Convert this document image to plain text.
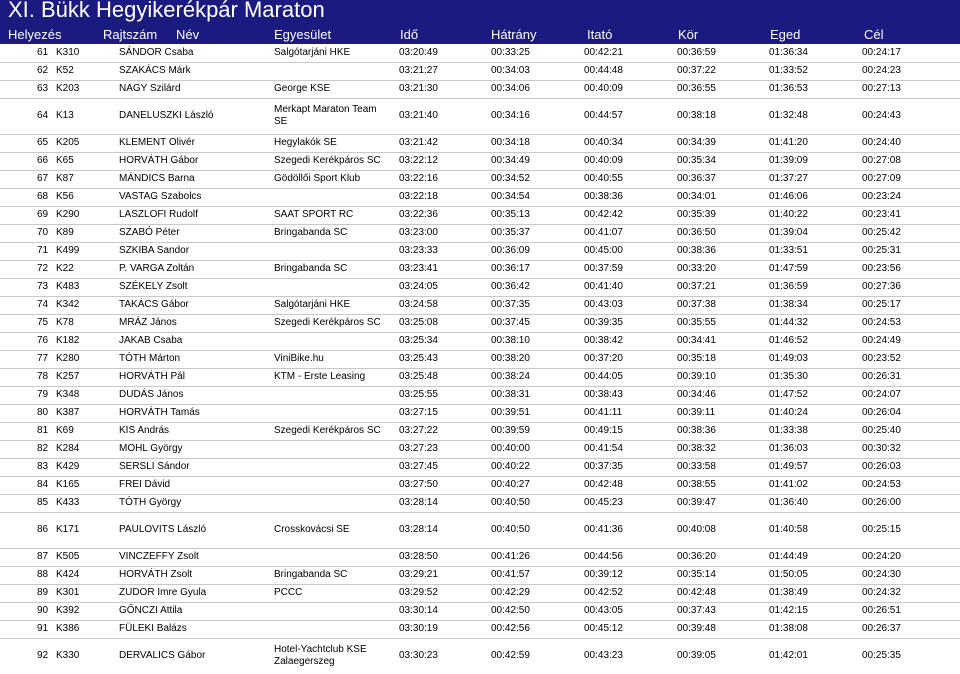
XI. Bükk Hegyikerékpár Maraton
Helyezés	Rajtszám Név	Egyesület	Idő	Hátrány	Itató	Kör	Eged	Cél
61	K310	SÁNDOR Csaba	Salgótarjáni HKE	03:20:49	00:33:25	00:42:21	00:36:59	01:36:34	00:24:17
62	K52	SZAKÁCS Márk		03:21:27	00:34:03	00:44:48	00:37:22	01:33:52	00:24:23
63	K203	NAGY Szilárd	George KSE	03:21:30	00:34:06	00:40:09	00:36:55	01:36:53	00:27:13
64	K13	DANELUSZKI László	Merkapt Maraton Team SE	03:21:40	00:34:16	00:44:57	00:38:18	01:32:48	00:24:43
65	K205	KLEMENT Olivér	Hegylakók SE	03:21:42	00:34:18	00:40:34	00:34:39	01:41:20	00:24:40
66	K65	HORVÁTH Gábor	Szegedi Kerékpáros SC	03:22:12	00:34:49	00:40:09	00:35:34	01:39:09	00:27:08
67	K87	MÁNDICS Barna	Gödöllői Sport Klub	03:22:16	00:34:52	00:40:55	00:36:37	01:37:27	00:27:09
68	K56	VASTAG Szabolcs		03:22:18	00:34:54	00:38:36	00:34:01	01:46:06	00:23:24
69	K290	LASZLOFI Rudolf	SAAT SPORT RC	03:22:36	00:35:13	00:42:42	00:35:39	01:40:22	00:23:41
70	K89	SZABÓ Péter	Bringabanda SC	03:23:00	00:35:37	00:41:07	00:36:50	01:39:04	00:25:42
71	K499	SZKIBA Sandor		03:23:33	00:36:09	00:45:00	00:38:36	01:33:51	00:25:31
72	K22	P. VARGA Zoltán	Bringabanda SC	03:23:41	00:36:17	00:37:59	00:33:20	01:47:59	00:23:56
73	K483	SZÉKELY Zsolt		03:24:05	00:36:42	00:41:40	00:37:21	01:36:59	00:27:36
74	K342	TAKÁCS Gábor	Salgótarjáni HKE	03:24:58	00:37:35	00:43:03	00:37:38	01:38:34	00:25:17
75	K78	MRÁZ János	Szegedi Kerékpáros SC	03:25:08	00:37:45	00:39:35	00:35:55	01:44:32	00:24:53
76	K182	JAKAB Csaba		03:25:34	00:38:10	00:38:42	00:34:41	01:46:52	00:24:49
77	K280	TÓTH Márton	ViniBike.hu	03:25:43	00:38:20	00:37:20	00:35:18	01:49:03	00:23:52
78	K257	HORVÁTH Pál	KTM - Erste Leasing	03:25:48	00:38:24	00:44:05	00:39:10	01:35:30	00:26:31
79	K348	DUDÁS János		03:25:55	00:38:31	00:38:43	00:34:46	01:47:52	00:24:07
80	K387	HORVÁTH Tamás		03:27:15	00:39:51	00:41:11	00:39:11	01:40:24	00:26:04
81	K69	KIS András	Szegedi Kerékpáros SC	03:27:22	00:39:59	00:49:15	00:38:36	01:33:38	00:25:40
82	K284	MOHL György		03:27:23	00:40:00	00:41:54	00:38:32	01:36:03	00:30:32
83	K429	SERSLI Sándor		03:27:45	00:40:22	00:37:35	00:33:58	01:49:57	00:26:03
84	K165	FREI Dávid		03:27:50	00:40:27	00:42:48	00:38:55	01:41:02	00:24:53
85	K433	TÓTH György		03:28:14	00:40:50	00:45:23	00:39:47	01:36:40	00:26:00
86	K171	PAULOVITS László	Crosskovácsi SE	03:28:14	00:40:50	00:41:36	00:40:08	01:40:58	00:25:15
87	K505	VINCZEFFY Zsolt		03:28:50	00:41:26	00:44:56	00:36:20	01:44:49	00:24:20
88	K424	HORVÁTH Zsolt	Bringabanda SC	03:29:21	00:41:57	00:39:12	00:35:14	01:50:05	00:24:30
89	K301	ZUDOR Imre Gyula	PCCC	03:29:52	00:42:29	00:42:52	00:42:48	01:38:49	00:24:32
90	K392	GŐNCZI Attila		03:30:14	00:42:50	00:43:05	00:37:43	01:42:15	00:26:51
91	K386	FÜLEKI Balázs		03:30:19	00:42:56	00:45:12	00:39:48	01:38:08	00:26:37
92	K330	DERVALICS Gábor	Hotel-Yachtclub KSE Zalaegerszeg	03:30:23	00:42:59	00:43:23	00:39:05	01:42:01	00:25:35
